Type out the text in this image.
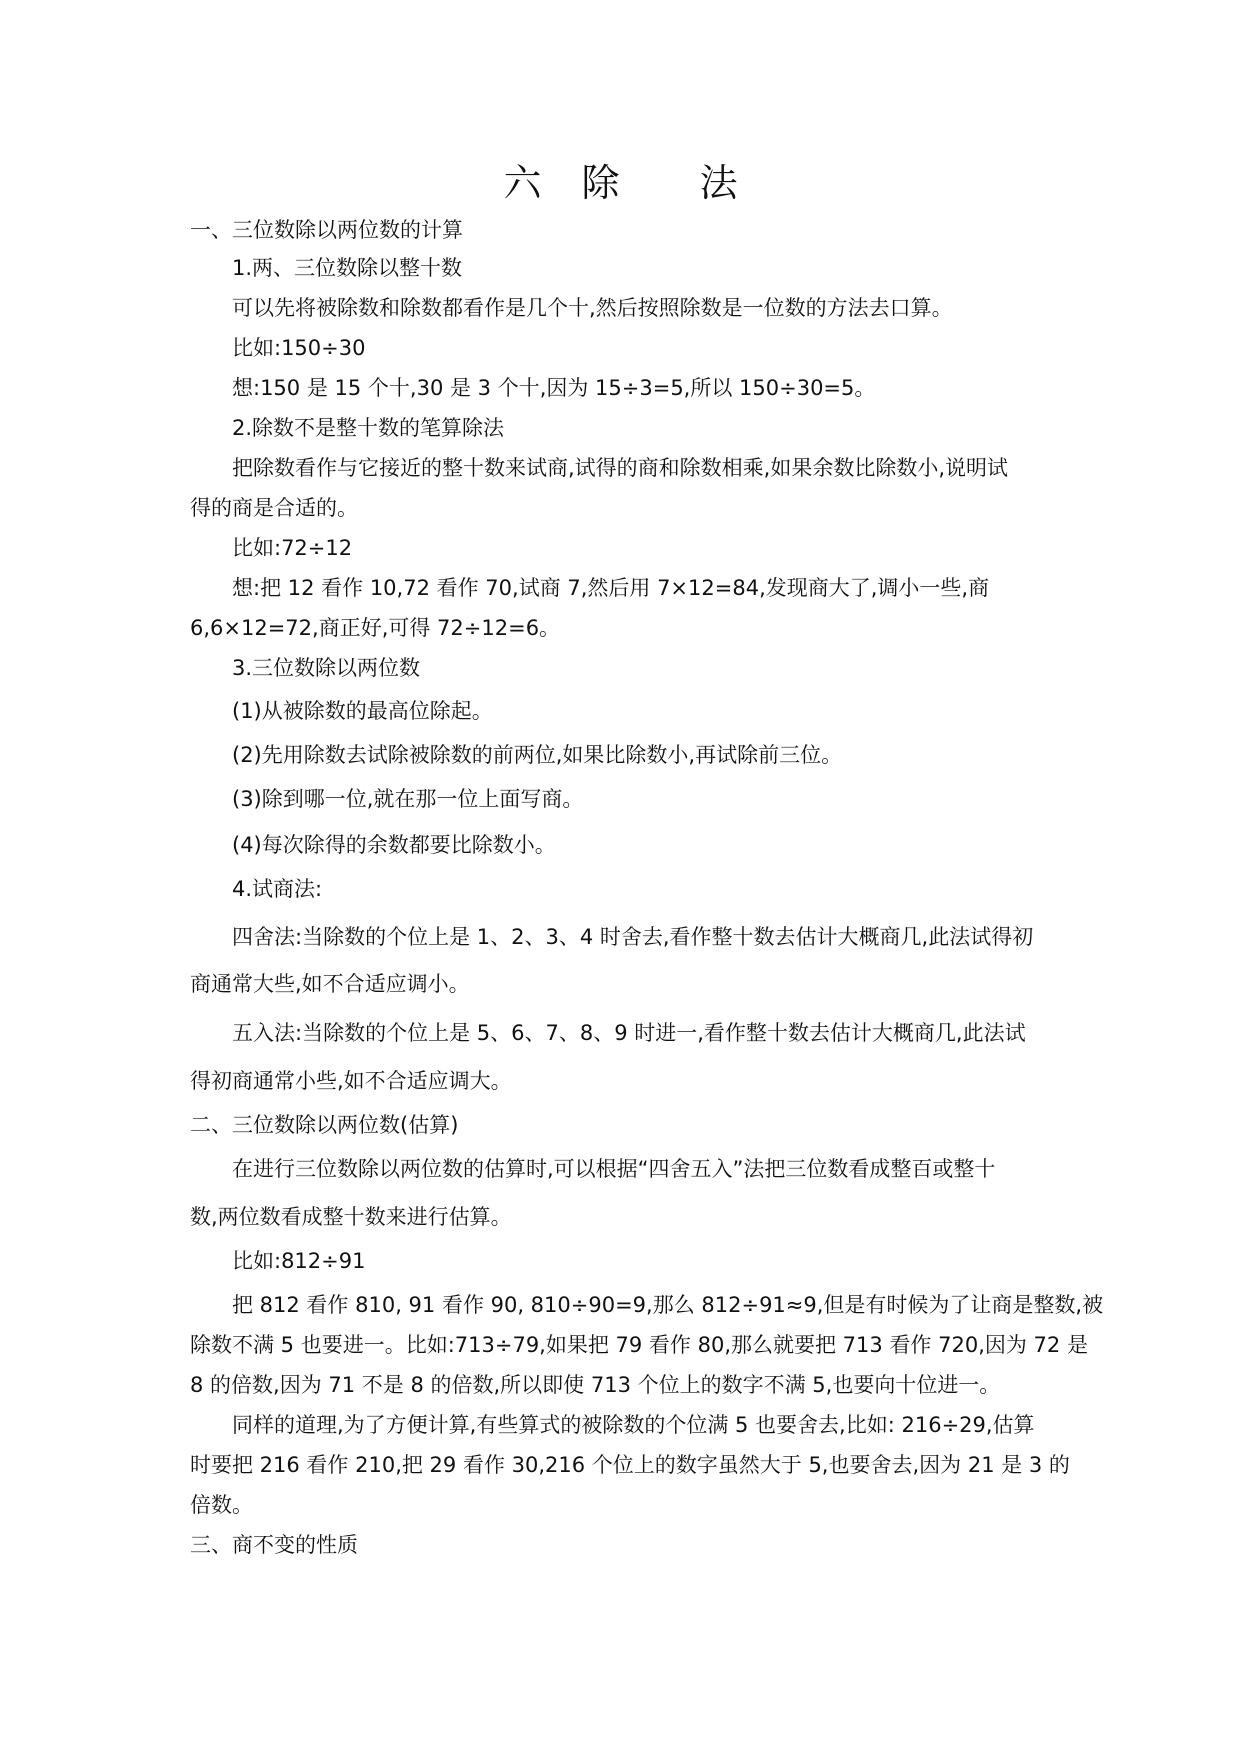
六 除 法
一、三位数除以两位数的计算
1.两、三位数除以整十数
可以先将被除数和除数都看作是几个十,然后按照除数是一位数的方法去口算。
比如:150÷30
想:150 是 15 个十,30 是 3 个十,因为 15÷3=5,所以 150÷30=5。
2.除数不是整十数的笔算除法
把除数看作与它接近的整十数来试商,试得的商和除数相乘,如果余数比除数小,说明试
得的商是合适的。
比如:72÷12
想:把 12 看作 10,72 看作 70,试商 7,然后用 7×12=84,发现商大了,调小一些,商
6,6×12=72,商正好,可得 72÷12=6。
3.三位数除以两位数
(1)从被除数的最高位除起。
(2)先用除数去试除被除数的前两位,如果比除数小,再试除前三位。
(3)除到哪一位,就在那一位上面写商。
(4)每次除得的余数都要比除数小。
4.试商法:
四舍法:当除数的个位上是 1、2、3、4 时舍去,看作整十数去估计大概商几,此法试得初
商通常大些,如不合适应调小。
五入法:当除数的个位上是 5、6、7、8、9 时进一,看作整十数去估计大概商几,此法试
得初商通常小些,如不合适应调大。
二、三位数除以两位数(估算)
在进行三位数除以两位数的估算时,可以根据“四舍五入”法把三位数看成整百或整十
数,两位数看成整十数来进行估算。
比如:812÷91
把 812 看作 810, 91 看作 90, 810÷90=9,那么 812÷91≈9,但是有时候为了让商是整数,被
除数不满 5 也要进一。比如:713÷79,如果把 79 看作 80,那么就要把 713 看作 720,因为 72 是
8 的倍数,因为 71 不是 8 的倍数,所以即使 713 个位上的数字不满 5,也要向十位进一。
同样的道理,为了方便计算,有些算式的被除数的个位满 5 也要舍去,比如: 216÷29,估算
时要把 216 看作 210,把 29 看作 30,216 个位上的数字虽然大于 5,也要舍去,因为 21 是 3 的
倍数。
三、商不变的性质
